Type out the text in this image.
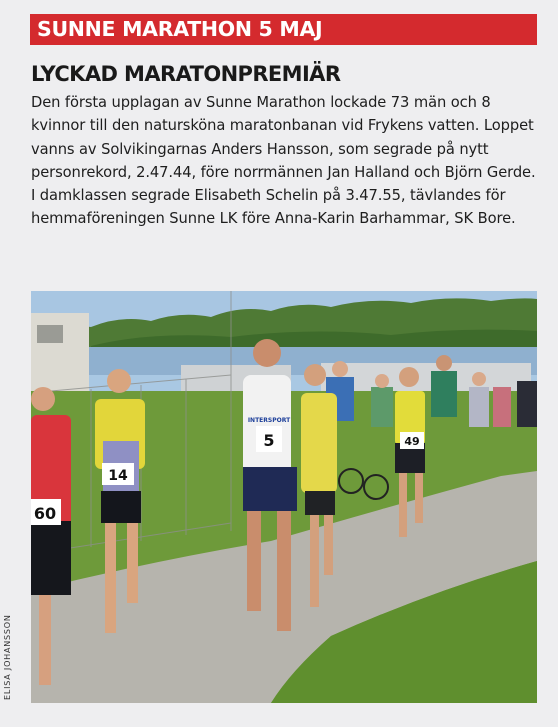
SUNNE MARATHON 5 MAJ
LYCKAD MARATONPREMIÄR

Den första upplagan av Sunne Marathon lockade 73 män och 8 kvinnor till den natursköna maratonbanan vid Frykens vatten. Loppet vanns av Solvikingarnas Anders Hansson, som segrade på nytt personrekord, 2.47.44, före norrmännen Jan Halland och Björn Gerde.

I damklassen segrade Elisabeth Schelin på 3.47.55, tävlandes för hemmaföreningen Sunne LK före Anna-Karin Barhammar, SK Bore.

49
14
5
INTERSPORT
60
ELISA JOHANSSON
